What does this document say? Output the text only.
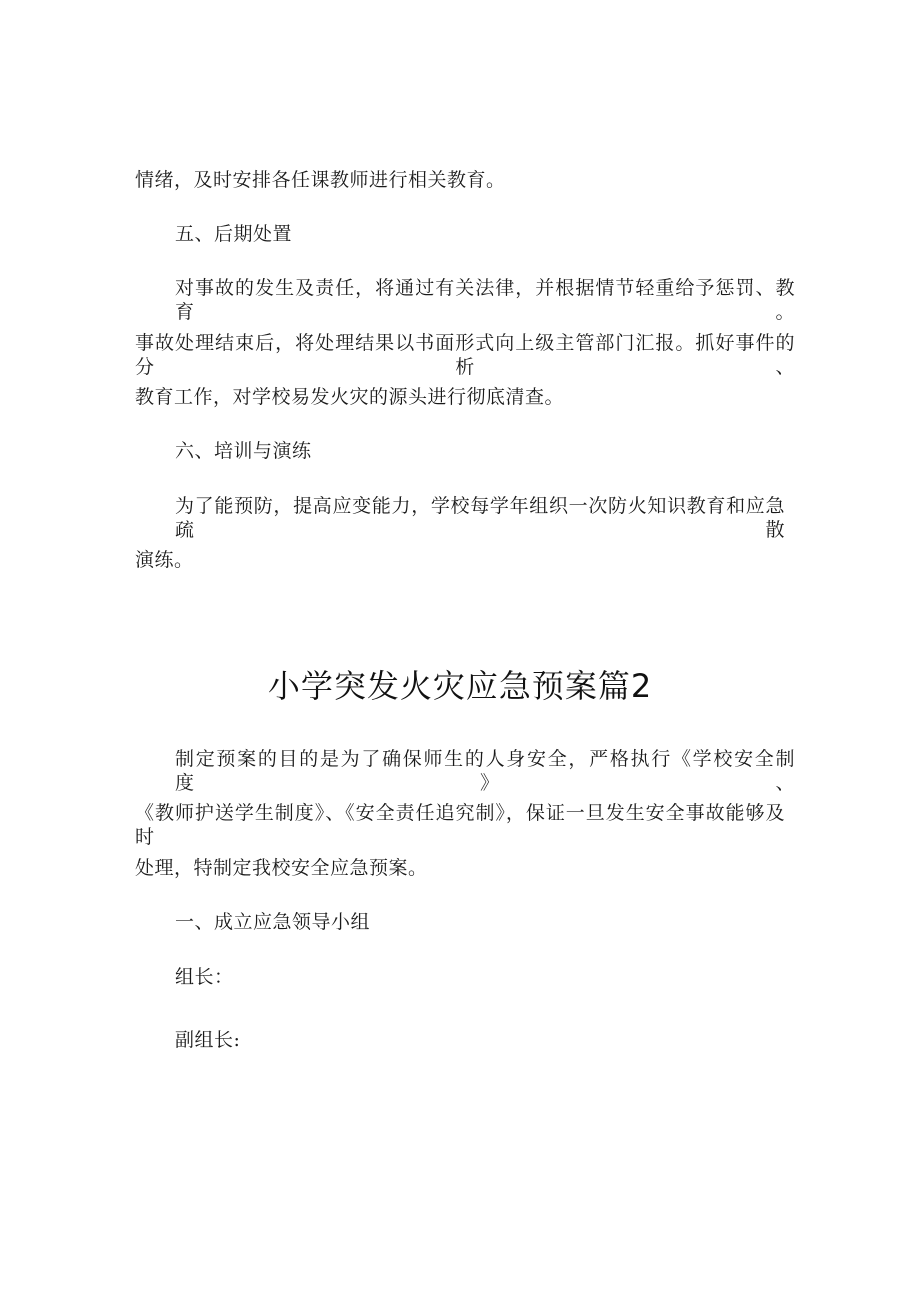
情绪，及时安排各任课教师进行相关教育。
五、后期处置
对事故的发生及责任，将通过有关法律，并根据情节轻重给予惩罚、教育。
事故处理结束后，将处理结果以书面形式向上级主管部门汇报。抓好事件的分析、
教育工作，对学校易发火灾的源头进行彻底清查。
六、培训与演练
为了能预防，提高应变能力，学校每学年组织一次防火知识教育和应急疏散
演练。
小学突发火灾应急预案篇2
制定预案的目的是为了确保师生的人身安全，严格执行《学校安全制度》、
《教师护送学生制度》、《安全责任追究制》，保证一旦发生安全事故能够及时
处理，特制定我校安全应急预案。
一、成立应急领导小组
组长：
副组长:
